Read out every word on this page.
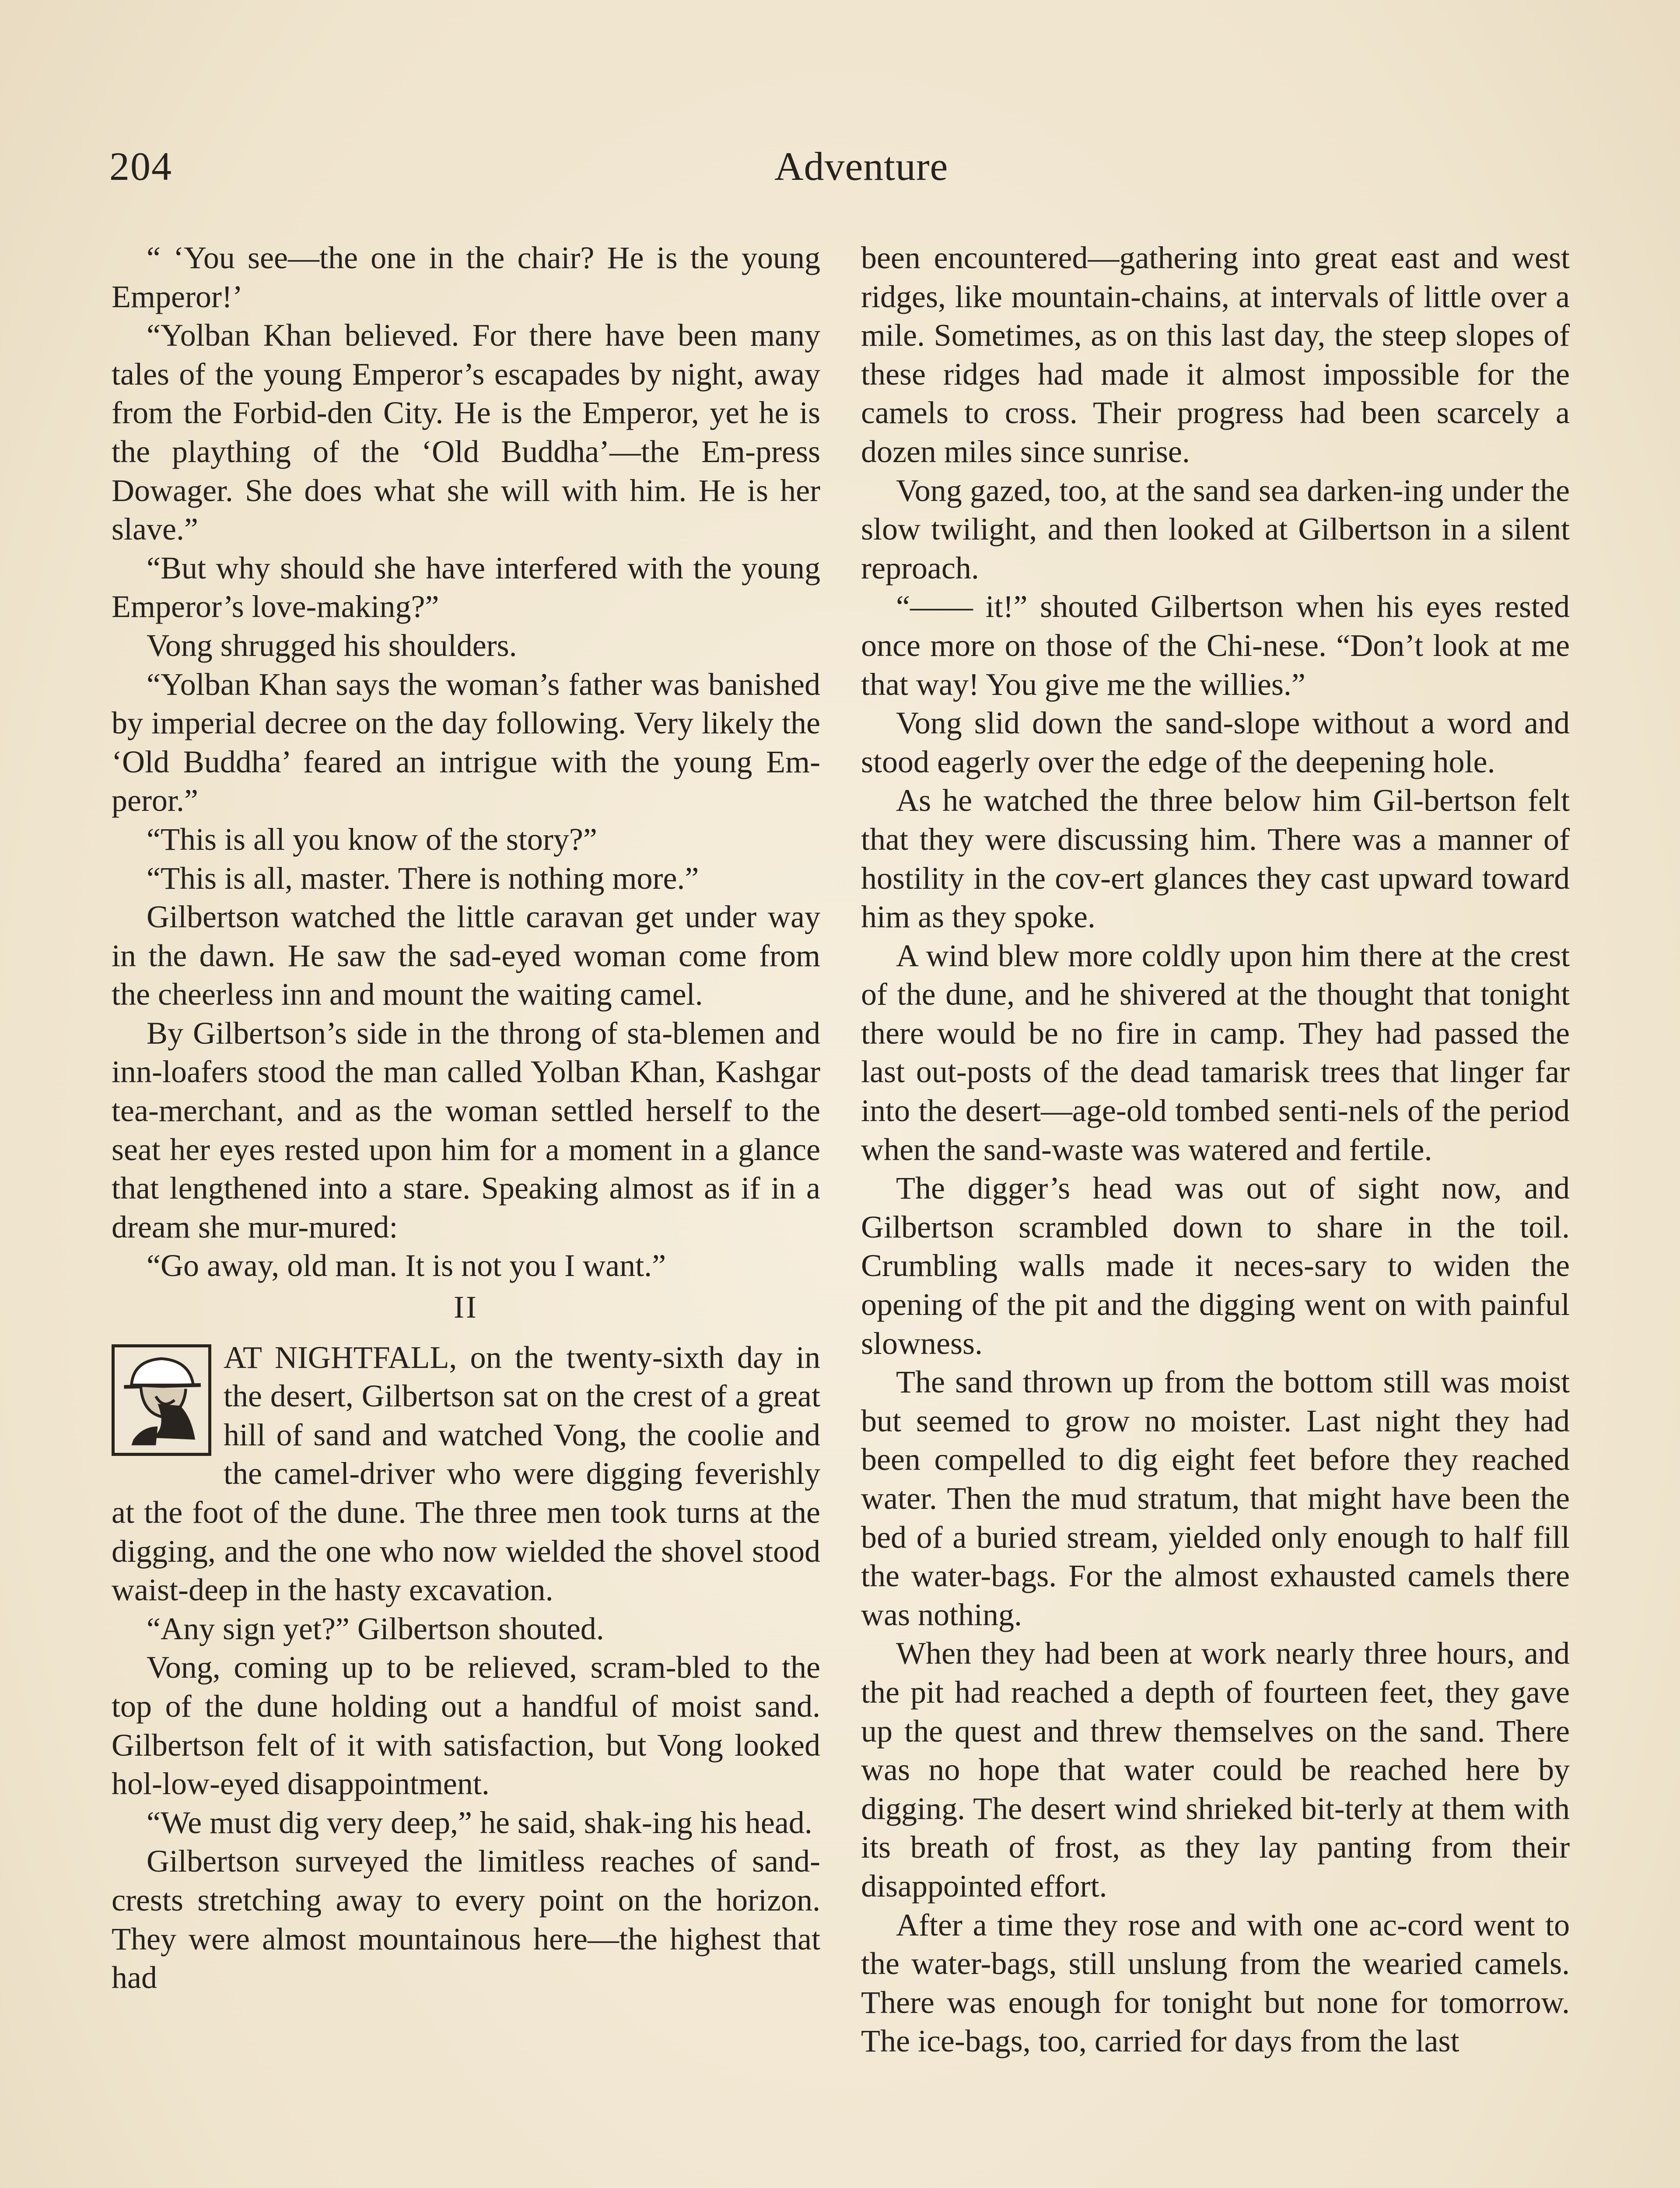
204	Adventure

“ ‘You see—the one in the chair? He is the young Emperor!’

“Yolban Khan believed. For there have been many tales of the young Emperor’s escapades by night, away from the Forbid-den City. He is the Emperor, yet he is the plaything of the ‘Old Buddha’—the Em-press Dowager. She does what she will with him. He is her slave.”

“But why should she have interfered with the young Emperor’s love-making?”

Vong shrugged his shoulders.

“Yolban Khan says the woman’s father was banished by imperial decree on the day following. Very likely the ‘Old Buddha’ feared an intrigue with the young Em-peror.”

“This is all you know of the story?”

“This is all, master. There is nothing more.”

Gilbertson watched the little caravan get under way in the dawn. He saw the sad-eyed woman come from the cheerless inn and mount the waiting camel.

By Gilbertson’s side in the throng of sta-blemen and inn-loafers stood the man called Yolban Khan, Kashgar tea-merchant, and as the woman settled herself to the seat her eyes rested upon him for a moment in a glance that lengthened into a stare. Speaking almost as if in a dream she mur-mured:

“Go away, old man. It is not you I want.”

II

AT NIGHTFALL, on the twenty-sixth day in the desert, Gilbertson sat on the crest of a great hill of sand and watched Vong, the coolie and the camel-driver who were digging feverishly at the foot of the dune. The three men took turns at the digging, and the one who now wielded the shovel stood waist-deep in the hasty excavation.

“Any sign yet?” Gilbertson shouted.

Vong, coming up to be relieved, scram-bled to the top of the dune holding out a handful of moist sand. Gilbertson felt of it with satisfaction, but Vong looked hol-low-eyed disappointment.

“We must dig very deep,” he said, shak-ing his head.

Gilbertson surveyed the limitless reaches of sand-crests stretching away to every point on the horizon. They were almost mountainous here—the highest that had

been encountered—gathering into great east and west ridges, like mountain-chains, at intervals of little over a mile. Sometimes, as on this last day, the steep slopes of these ridges had made it almost impossible for the camels to cross. Their progress had been scarcely a dozen miles since sunrise.

Vong gazed, too, at the sand sea darken-ing under the slow twilight, and then looked at Gilbertson in a silent reproach.

“—— it!” shouted Gilbertson when his eyes rested once more on those of the Chi-nese. “Don’t look at me that way! You give me the willies.”

Vong slid down the sand-slope without a word and stood eagerly over the edge of the deepening hole.

As he watched the three below him Gil-bertson felt that they were discussing him. There was a manner of hostility in the cov-ert glances they cast upward toward him as they spoke.

A wind blew more coldly upon him there at the crest of the dune, and he shivered at the thought that tonight there would be no fire in camp. They had passed the last out-posts of the dead tamarisk trees that linger far into the desert—age-old tombed senti-nels of the period when the sand-waste was watered and fertile.

The digger’s head was out of sight now, and Gilbertson scrambled down to share in the toil. Crumbling walls made it neces-sary to widen the opening of the pit and the digging went on with painful slowness.

The sand thrown up from the bottom still was moist but seemed to grow no moister. Last night they had been compelled to dig eight feet before they reached water. Then the mud stratum, that might have been the bed of a buried stream, yielded only enough to half fill the water-bags. For the almost exhausted camels there was nothing.

When they had been at work nearly three hours, and the pit had reached a depth of fourteen feet, they gave up the quest and threw themselves on the sand. There was no hope that water could be reached here by digging. The desert wind shrieked bit-terly at them with its breath of frost, as they lay panting from their disappointed effort.

After a time they rose and with one ac-cord went to the water-bags, still unslung from the wearied camels. There was enough for tonight but none for tomorrow. The ice-bags, too, carried for days from the last
